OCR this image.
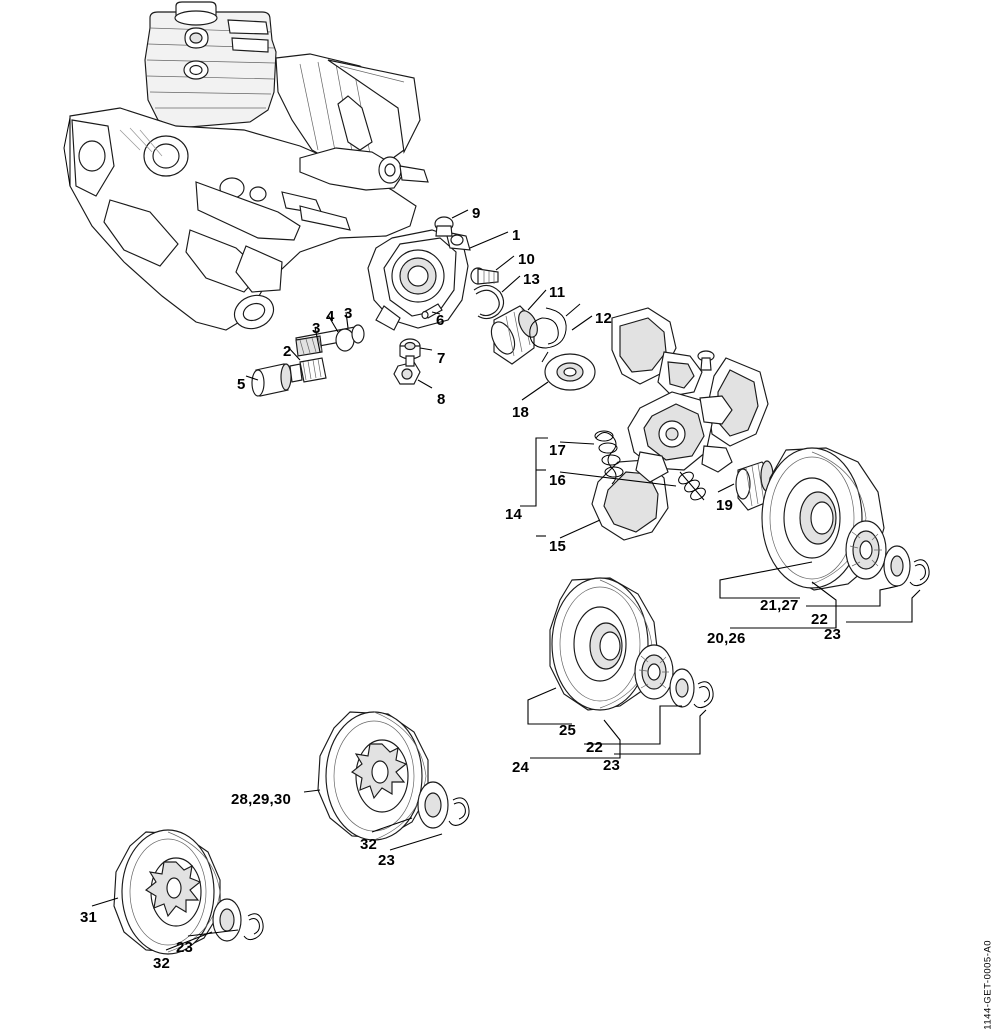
9
1
10
13
11
12
6
3
4
3
7
8
2
5
18
17
16
14
15
19
21,27
22
20,26	23
25
22
24	23
28,29,30
32
23
31
32
23	1144-GET-0005-A0
